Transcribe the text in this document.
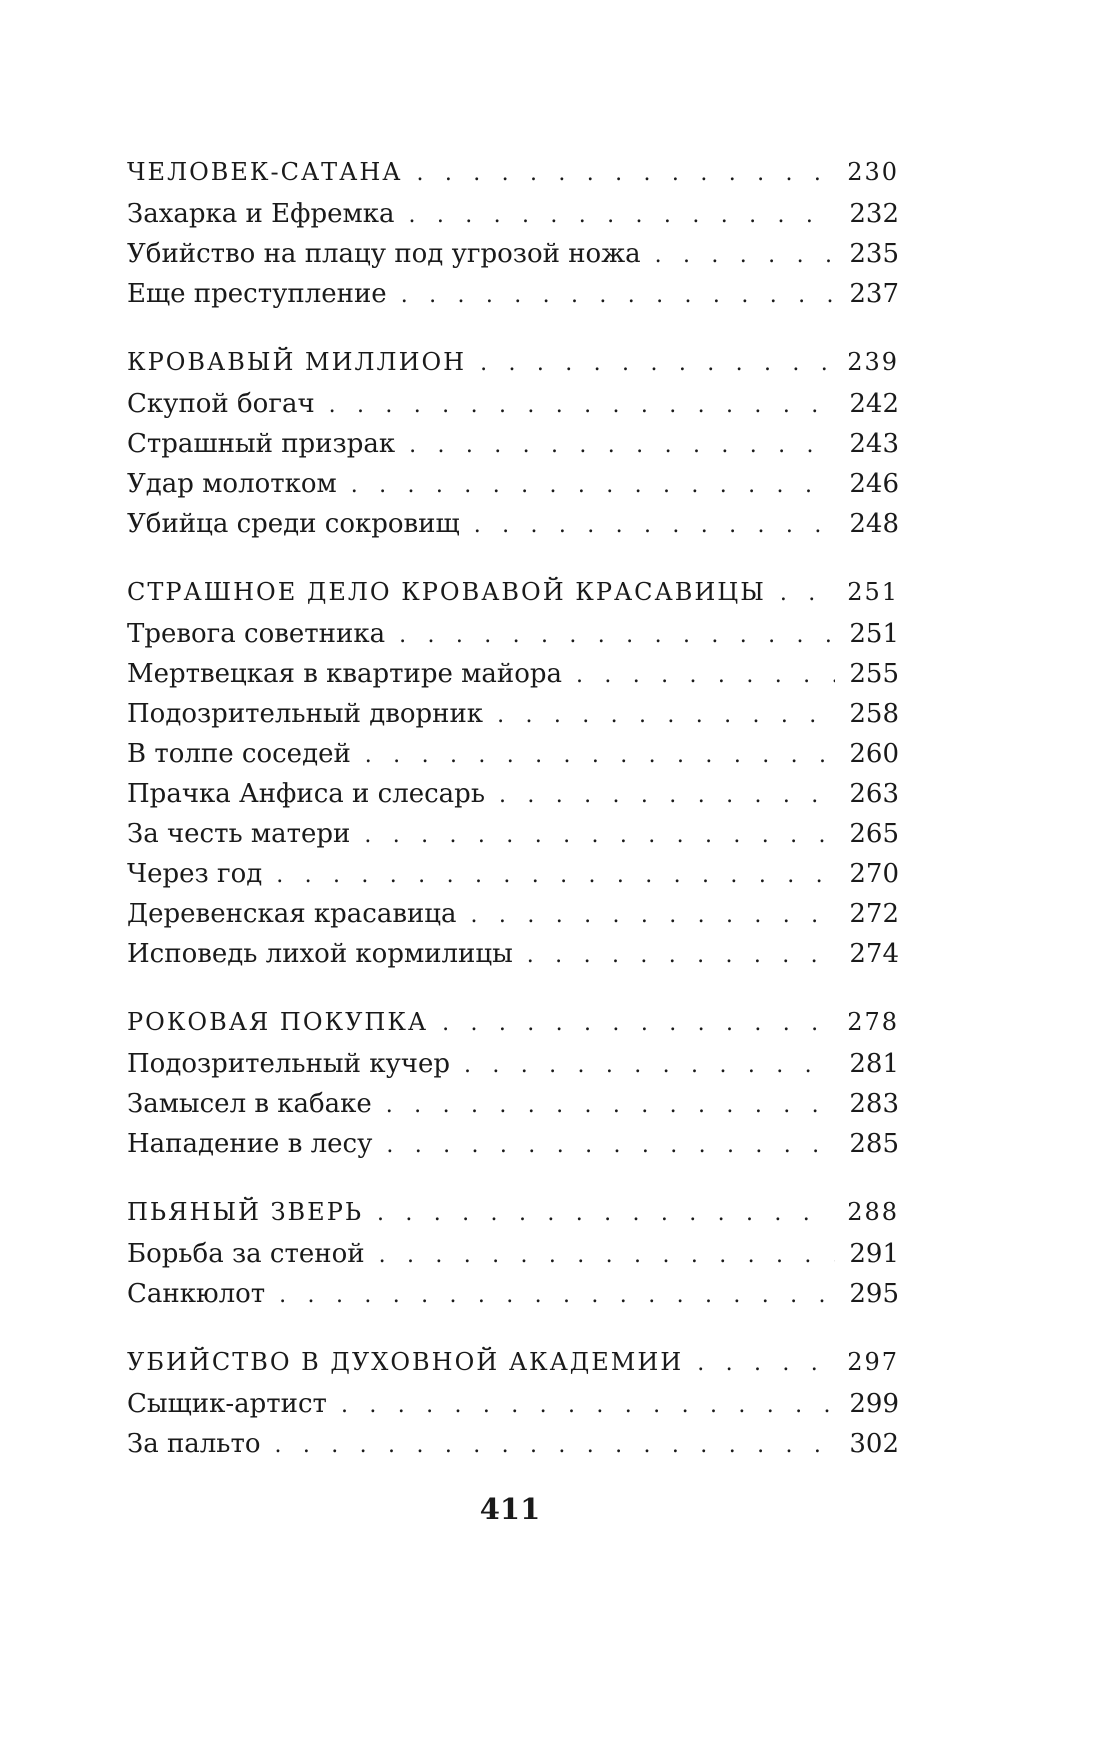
ЧЕЛОВЕК-САТАНА . . .	230
Захарка и Ефремка . . .	232
Убийство на плацу под угрозой ножа . . .	235
Еще преступление . . .	237
КРОВАВЫЙ МИЛЛИОН . . .	239
Скупой богач . . .	242
Страшный призрак . . .	243
Удар молотком . . .	246
Убийца среди сокровищ . . .	248
СТРАШНОЕ ДЕЛО КРОВАВОЙ КРАСАВИЦЫ . . .	251
Тревога советника . . .	251
Мертвецкая в квартире майора . . .	255
Подозрительный дворник . . .	258
В толпе соседей . . .	260
Прачка Анфиса и слесарь . . .	263
За честь матери . . .	265
Через год . . .	270
Деревенская красавица . . .	272
Исповедь лихой кормилицы . . .	274
РОКОВАЯ ПОКУПКА . . .	278
Подозрительный кучер . . .	281
Замысел в кабаке . . .	283
Нападение в лесу . . .	285
ПЬЯНЫЙ ЗВЕРЬ . . .	288
Борьба за стеной . . .	291
Санкюлот . . .	295
УБИЙСТВО В ДУХОВНОЙ АКАДЕМИИ . . .	297
Сыщик-артист . . .	299
За пальто . . .	302
411
